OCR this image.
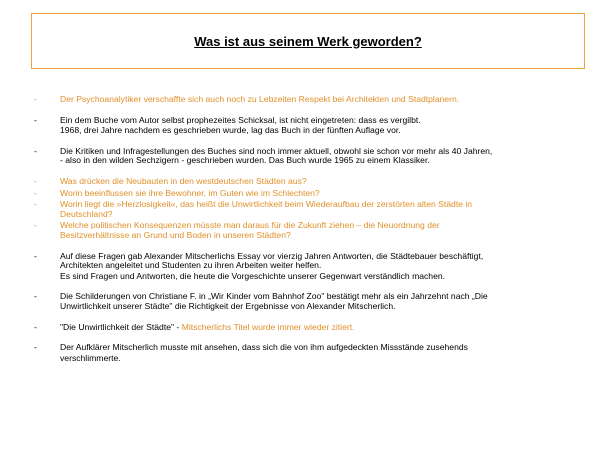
Was ist aus seinem Werk geworden?
-	Der Psychoanalytiker verschaffte sich auch noch zu Lebzeiten Respekt bei Architekten und Stadtplanern.
-	Ein dem Buche vom Autor selbst prophezeites Schicksal, ist nicht eingetreten: dass es vergilbt.
1968, drei Jahre nachdem es geschrieben wurde, lag das Buch in der fünften Auflage vor.
-	Die Kritiken und Infragestellungen des Buches sind noch immer aktuell, obwohl sie schon vor mehr als 40 Jahren,
- also in den wilden Sechzigern - geschrieben wurden. Das Buch wurde 1965 zu einem Klassiker.
-	Was drücken die Neubauten in den westdeutschen Städten aus?
-	Worin beeinflussen sie ihre Bewohner, im Guten wie im Schlechten?
-	Worin liegt die »Herzlosigkeit«, das heißt die Unwirtlichkeit beim Wiederaufbau der zerstörten alten Städte in
Deutschland?
-	Welche politischen Konsequenzen müsste man daraus für die Zukunft ziehen – die Neuordnung der
Besitzverhältnisse an Grund und Boden in unseren Städten?
-	Auf diese Fragen gab Alexander Mitscherlichs Essay vor vierzig Jahren Antworten, die Städtebauer beschäftigt,
Architekten angeleitet und Studenten zu ihren Arbeiten weiter helfen.
Es sind Fragen und Antworten, die heute die Vorgeschichte unserer Gegenwart verständlich machen.
-	Die Schilderungen von Christiane F. in „Wir Kinder vom Bahnhof Zoo" bestätigt mehr als ein Jahrzehnt nach „Die
Unwirtlichkeit unserer Städte" die Richtigkeit der Ergebnisse von Alexander Mitscherlich.
-	"Die Unwirtlichkeit der Städte" - Mitscherlichs Titel wurde immer wieder zitiert.
-	Der Aufklärer Mitscherlich musste mit ansehen, dass sich die von ihm aufgedeckten Missstände zusehends
verschlimmerte.
